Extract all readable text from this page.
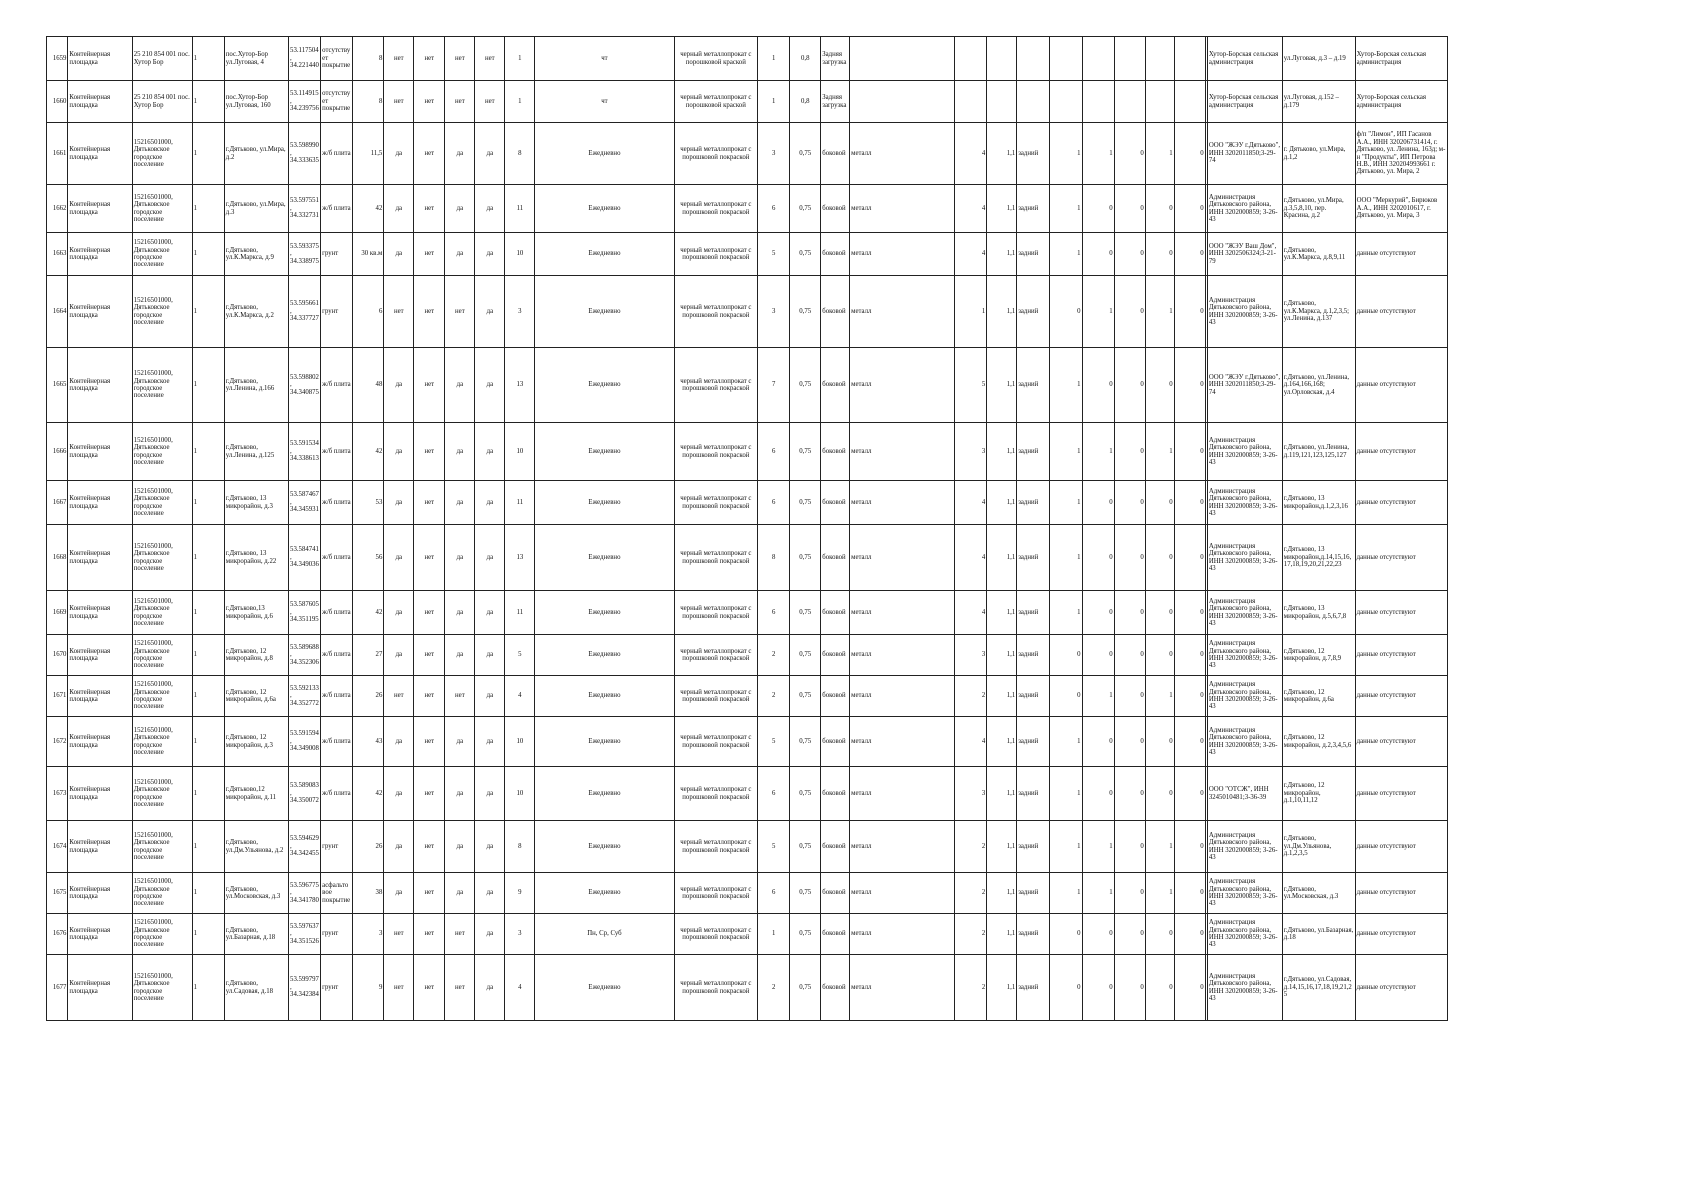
1659	Контейнерная площадка	25 210 854 001 пос. Хутор Бор	1	пос.Хутор-Бор ул.Луговая, 4	53.117504, 34.221440	отсутствует покрытие	8	нет	нет	нет	нет	1	чт	черный металлопрокат с порошковой краской	1	0,8	Задняя загрузка											Хутор-Борская сельская администрация	ул.Луговая, д.3 – д.19	Хутор-Борская сельская администрация
1660	Контейнерная площадка	25 210 854 001 пос. Хутор Бор	1	пос.Хутор-Бор ул.Луговая, 160	53.114915, 34.239756	отсутствует покрытие	8	нет	нет	нет	нет	1	чт	черный металлопрокат с порошковой краской	1	0,8	Задняя загрузка											Хутор-Борская сельская администрация	ул.Луговая, д.152 – д.179	Хутор-Борская сельская администрация
1661	Контейнерная площадка	15216501000, Дятьковское городское поселение	1	г.Дятьково, ул.Мира, д.2	53.598990, 34.333635	ж/б плита	11,5	да	нет	да	да	8	Ежедневно	черный металлопрокат с порошковой покраской	3	0,75	боковой	металл	4	1,1	задний	1	1	0	1	0		ООО "ЖЭУ г.Дятьково", ИНН 3202011850;3-29-74	г. Дятьково, ул.Мира, д.1,2	ф/п "Лимон", ИП Гасанов А.А., ИНН 320206731414, г. Дятьково, ул. Ленина, 163д; м-н "Продукты", ИП Петрова Н.В., ИНН 320204993661 г. Дятьково, ул. Мира, 2
1662	Контейнерная площадка	15216501000, Дятьковское городское поселение	1	г.Дятьково, ул.Мира, д.3	53.597551, 34.332731	ж/б плита	42	да	нет	да	да	11	Ежедневно	черный металлопрокат с порошковой покраской	6	0,75	боковой	металл	4	1,1	задний	1	0	0	0	0		Администрация Дятьковского района, ИНН 3202000859; 3-26-43	г.Дятьково, ул.Мира, д.3,5,8,10, пер. Красина, д.2	ООО "Меркурий", Бирюков А.А., ИНН 3202010617, г. Дятьково, ул. Мира, 3
1663	Контейнерная площадка	15216501000, Дятьковское городское поселение	1	г.Дятьково, ул.К.Маркса, д.9	53.593375, 34.338975	грунт	30 кв.м	да	нет	да	да	10	Ежедневно	черный металлопрокат с порошковой покраской	5	0,75	боковой	металл	4	1,1	задний	1	0	0	0	0		ООО "ЖЭУ Ваш Дом", ИНН 3202506324;3-21-79	г.Дятьково, ул.К.Маркса, д.8,9,11	данные отсутствуют
1664	Контейнерная площадка	15216501000, Дятьковское городское поселение	1	г.Дятьково, ул.К.Маркса, д.2	53.595661, 34.337727	грунт	6	нет	нет	нет	да	3	Ежедневно	черный металлопрокат с порошковой покраской	3	0,75	боковой	металл	1	1,1	задний	0	1	0	1	0		Администрация Дятьковского района, ИНН 3202000859; 3-26-43	г.Дятьково, ул.К.Маркса, д.1,2,3,5; ул.Ленина, д.137	данные отсутствуют
1665	Контейнерная площадка	15216501000, Дятьковское городское поселение	1	г.Дятьково, ул.Ленина, д.166	53.598802, 34.340875	ж/б плита	48	да	нет	да	да	13	Ежедневно	черный металлопрокат с порошковой покраской	7	0,75	боковой	металл	5	1,1	задний	1	0	0	0	0		ООО "ЖЭУ г.Дятьково", ИНН 3202011850;3-29-74	г.Дятьково, ул.Ленина, д.164,166,168; ул.Орловская, д.4	данные отсутствуют
1666	Контейнерная площадка	15216501000, Дятьковское городское поселение	1	г.Дятьково, ул.Ленина, д.125	53.591534, 34.338613	ж/б плита	42	да	нет	да	да	10	Ежедневно	черный металлопрокат с порошковой покраской	6	0,75	боковой	металл	3	1,1	задний	1	1	0	1	0		Администрация Дятьковского района, ИНН 3202000859; 3-26-43	г.Дятьково, ул.Ленина, д.119,121,123,125,127	данные отсутствуют
1667	Контейнерная площадка	15216501000, Дятьковское городское поселение	1	г.Дятьково, 13 микрорайон, д.3	53.587467, 34.345931	ж/б плита	53	да	нет	да	да	11	Ежедневно	черный металлопрокат с порошковой покраской	6	0,75	боковой	металл	4	1,1	задний	1	0	0	0	0		Администрация Дятьковского района, ИНН 3202000859; 3-26-43	г.Дятьково, 13 микрорайон,д.1,2,3,16	данные отсутствуют
1668	Контейнерная площадка	15216501000, Дятьковское городское поселение	1	г.Дятьково, 13 микрорайон, д.22	53.584741, 34.349036	ж/б плита	56	да	нет	да	да	13	Ежедневно	черный металлопрокат с порошковой покраской	8	0,75	боковой	металл	4	1,1	задний	1	0	0	0	0		Администрация Дятьковского района, ИНН 3202000859; 3-26-43	г.Дятьково, 13 микрорайон,д.14,15,16,17,18,19,20,21,22,23	данные отсутствуют
1669	Контейнерная площадка	15216501000, Дятьковское городское поселение	1	г.Дятьково,13 микрорайон, д.6	53.587605, 34.351195	ж/б плита	42	да	нет	да	да	11	Ежедневно	черный металлопрокат с порошковой покраской	6	0,75	боковой	металл	4	1,1	задний	1	0	0	0	0		Администрация Дятьковского района, ИНН 3202000859; 3-26-43	г.Дятьково, 13 микрорайон, д.5,6,7,8	данные отсутствуют
1670	Контейнерная площадка	15216501000, Дятьковское городское поселение	1	г.Дятьково, 12 микрорайон, д.8	53.589688, 34.352306	ж/б плита	27	да	нет	да	да	5	Ежедневно	черный металлопрокат с порошковой покраской	2	0,75	боковой	металл	3	1,1	задний	0	0	0	0	0		Администрация Дятьковского района, ИНН 3202000859; 3-26-43	г.Дятьково, 12 микрорайон, д.7,8,9	данные отсутствуют
1671	Контейнерная площадка	15216501000, Дятьковское городское поселение	1	г.Дятьково, 12 микрорайон, д.6а	53.592133, 34.352772	ж/б плита	26	нет	нет	нет	да	4	Ежедневно	черный металлопрокат с порошковой покраской	2	0,75	боковой	металл	2	1,1	задний	0	1	0	1	0		Администрация Дятьковского района, ИНН 3202000859; 3-26-43	г.Дятьково, 12 микрорайон, д.6а	данные отсутствуют
1672	Контейнерная площадка	15216501000, Дятьковское городское поселение	1	г.Дятьково, 12 микрорайон, д.3	53.591594, 34.349008	ж/б плита	43	да	нет	да	да	10	Ежедневно	черный металлопрокат с порошковой покраской	5	0,75	боковой	металл	4	1,1	задний	1	0	0	0	0		Администрация Дятьковского района, ИНН 3202000859; 3-26-43	г.Дятьково, 12 микрорайон, д.2,3,4,5,6	данные отсутствуют
1673	Контейнерная площадка	15216501000, Дятьковское городское поселение	1	г.Дятьково,12 микрорайон, д.11	53.589083, 34.350072	ж/б плита	42	да	нет	да	да	10	Ежедневно	черный металлопрокат с порошковой покраской	6	0,75	боковой	металл	3	1,1	задний	1	0	0	0	0		ООО "ОТСЖ", ИНН 3245010481;3-36-39	г.Дятьково, 12 микрорайон, д.1,10,11,12	данные отсутствуют
1674	Контейнерная площадка	15216501000, Дятьковское городское поселение	1	г.Дятьково, ул.Дм.Ульянова, д.2	53.594629, 34.342455	грунт	26	да	нет	да	да	8	Ежедневно	черный металлопрокат с порошковой покраской	5	0,75	боковой	металл	2	1,1	задний	1	1	0	1	0		Администрация Дятьковского района, ИНН 3202000859; 3-26-43	г.Дятьково, ул.Дм.Ульянова, д.1,2,3,5	данные отсутствуют
1675	Контейнерная площадка	15216501000, Дятьковское городское поселение	1	г.Дятьково, ул.Московская, д.3	53.596775, 34.341780	асфальтовое покрытие	38	да	нет	да	да	9	Ежедневно	черный металлопрокат с порошковой покраской	6	0,75	боковой	металл	2	1,1	задний	1	1	0	1	0		Администрация Дятьковского района, ИНН 3202000859; 3-26-43	г.Дятьково, ул.Московская, д.3	данные отсутствуют
1676	Контейнерная площадка	15216501000, Дятьковское городское поселение	1	г.Дятьково, ул.Базарная, д.18	53.597637, 34.351526	грунт	3	нет	нет	нет	да	3	Пн, Ср, Суб	черный металлопрокат с порошковой покраской	1	0,75	боковой	металл	2	1,1	задний	0	0	0	0	0		Администрация Дятьковского района, ИНН 3202000859; 3-26-43	г.Дятьково, ул.Базарная, д.18	данные отсутствуют
1677	Контейнерная площадка	15216501000, Дятьковское городское поселение	1	г.Дятьково, ул.Садовая, д.18	53.599797, 34.342384	грунт	9	нет	нет	нет	да	4	Ежедневно	черный металлопрокат с порошковой покраской	2	0,75	боковой	металл	2	1,1	задний	0	0	0	0	0		Администрация Дятьковского района, ИНН 3202000859; 3-26-43	г.Дятьково, ул.Садовая, д.14,15,16,17,18,19,21,25	данные отсутствуют
